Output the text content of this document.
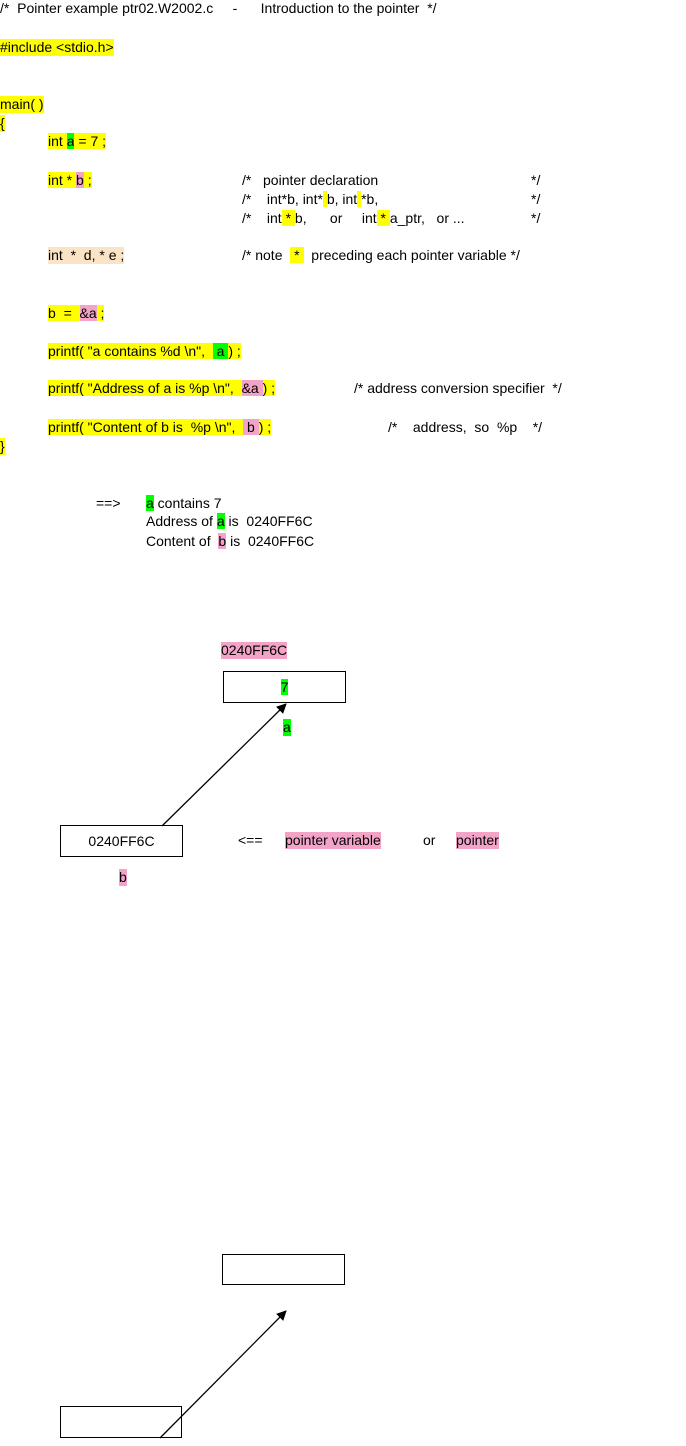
/*  Pointer example ptr02.W2002.c     -      Introduction to the pointer  */
#include <stdio.h>
main( )
{
int a = 7 ;
int * b ;	/*   pointer declaration	*/
/*    int*b, int* b, int *b,	*/
/*    int * b,      or     int * a_ptr,   or ...	*/
int  *  d, * e ;	/* note   *   preceding each pointer variable */
b  =  &a ;
printf( "a contains %d \n",   a ) ;
printf( "Address of a is %p \n",  &a ) ;	/* address conversion specifier  */
printf( "Content of b is  %p \n",   b ) ;	/*    address,  so  %p    */
}
==> a contains 7
Address of a is  0240FF6C
Content of  b is  0240FF6C
0240FF6C
7
a
0240FF6C
b
<== pointer variable	or pointer
